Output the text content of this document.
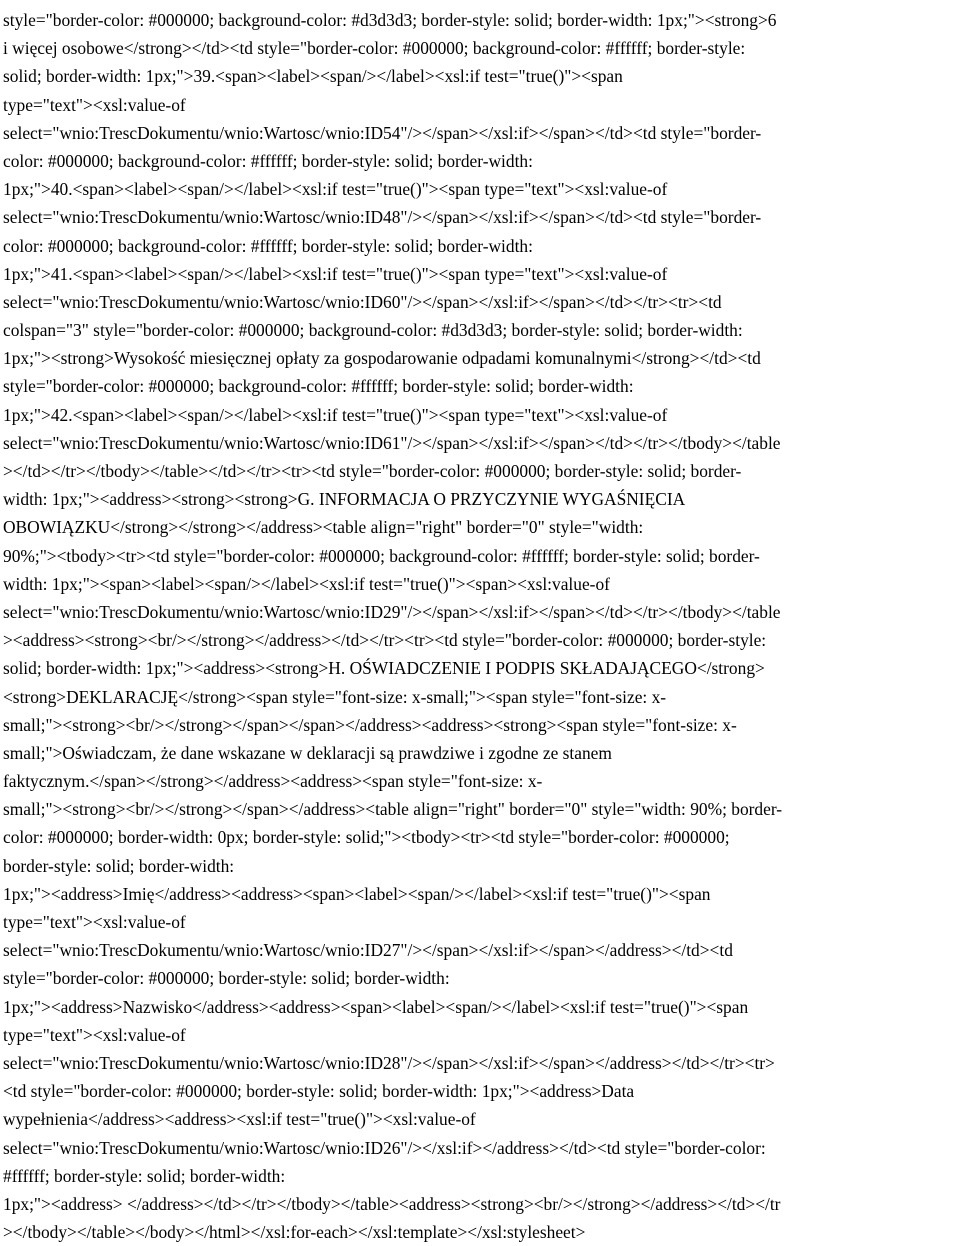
style="border-color: #000000; background-color: #d3d3d3; border-style: solid; border-width: 1px;"><strong>6
i więcej osobowe</strong></td><td style="border-color: #000000; background-color: #ffffff; border-style:
solid; border-width: 1px;">39.<span><label><span/></label><xsl:if test="true()"><span
type="text"><xsl:value-of
select="wnio:TrescDokumentu/wnio:Wartosc/wnio:ID54"/></span></xsl:if></span></td><td style="border-
color: #000000; background-color: #ffffff; border-style: solid; border-width:
1px;">40.<span><label><span/></label><xsl:if test="true()"><span type="text"><xsl:value-of
select="wnio:TrescDokumentu/wnio:Wartosc/wnio:ID48"/></span></xsl:if></span></td><td style="border-
color: #000000; background-color: #ffffff; border-style: solid; border-width:
1px;">41.<span><label><span/></label><xsl:if test="true()"><span type="text"><xsl:value-of
select="wnio:TrescDokumentu/wnio:Wartosc/wnio:ID60"/></span></xsl:if></span></td></tr><tr><td
colspan="3" style="border-color: #000000; background-color: #d3d3d3; border-style: solid; border-width:
1px;"><strong>Wysokość miesięcznej opłaty za gospodarowanie odpadami komunalnymi</strong></td><td
style="border-color: #000000; background-color: #ffffff; border-style: solid; border-width:
1px;">42.<span><label><span/></label><xsl:if test="true()"><span type="text"><xsl:value-of
select="wnio:TrescDokumentu/wnio:Wartosc/wnio:ID61"/></span></xsl:if></span></td></tr></tbody></table
></td></tr></tbody></table></td></tr><tr><td style="border-color: #000000; border-style: solid; border-
width: 1px;"><address><strong><strong>G. INFORMACJA O PRZYCZYNIE WYGAŚNIĘCIA
OBOWIĄZKU</strong></strong></address><table align="right" border="0" style="width:
90%;"><tbody><tr><td style="border-color: #000000; background-color: #ffffff; border-style: solid; border-
width: 1px;"><span><label><span/></label><xsl:if test="true()"><span><xsl:value-of
select="wnio:TrescDokumentu/wnio:Wartosc/wnio:ID29"/></span></xsl:if></span></td></tr></tbody></table
><address><strong><br/></strong></address></td></tr><tr><td style="border-color: #000000; border-style:
solid; border-width: 1px;"><address><strong>H. OŚWIADCZENIE I PODPIS SKŁADAJĄCEGO</strong>
<strong>DEKLARACJĘ</strong><span style="font-size: x-small;"><span style="font-size: x-
small;"><strong><br/></strong></span></span></address><address><strong><span style="font-size: x-
small;">Oświadczam, że dane wskazane w deklaracji są prawdziwe i zgodne ze stanem
faktycznym.</span></strong></address><address><span style="font-size: x-
small;"><strong><br/></strong></span></address><table align="right" border="0" style="width: 90%; border-
color: #000000; border-width: 0px; border-style: solid;"><tbody><tr><td style="border-color: #000000;
border-style: solid; border-width:
1px;"><address>Imię</address><address><span><label><span/></label><xsl:if test="true()"><span
type="text"><xsl:value-of
select="wnio:TrescDokumentu/wnio:Wartosc/wnio:ID27"/></span></xsl:if></span></address></td><td
style="border-color: #000000; border-style: solid; border-width:
1px;"><address>Nazwisko</address><address><span><label><span/></label><xsl:if test="true()"><span
type="text"><xsl:value-of
select="wnio:TrescDokumentu/wnio:Wartosc/wnio:ID28"/></span></xsl:if></span></address></td></tr><tr>
<td style="border-color: #000000; border-style: solid; border-width: 1px;"><address>Data
wypełnienia</address><address><xsl:if test="true()"><xsl:value-of
select="wnio:TrescDokumentu/wnio:Wartosc/wnio:ID26"/></xsl:if></address></td><td style="border-color:
#ffffff; border-style: solid; border-width:
1px;"><address> </address></td></tr></tbody></table><address><strong><br/></strong></address></td></tr
></tbody></table></body></html></xsl:for-each></xsl:template></xsl:stylesheet>
